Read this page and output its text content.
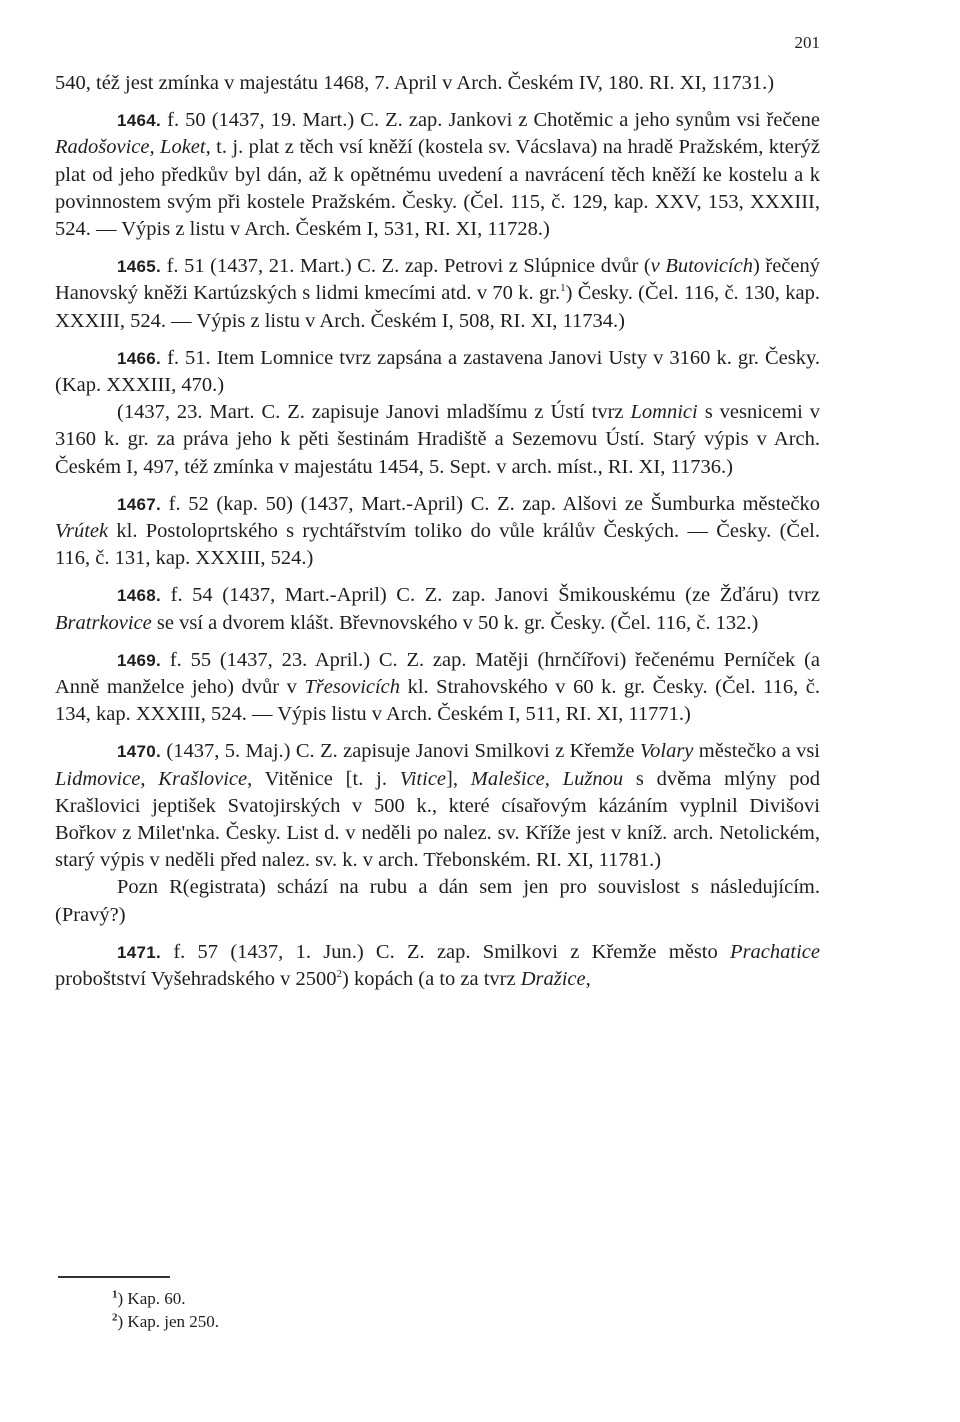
201

540, též jest zmínka v majestátu 1468, 7. April v Arch. Českém IV, 180. RI. XI, 11731.)

1464. f. 50 (1437, 19. Mart.) C. Z. zap. Jankovi z Chotěmic a jeho synům vsi řečene Radošovice, Loket, t. j. plat z těch vsí kněží (kostela sv. Vácslava) na hradě Pražském, kterýž plat od jeho předkův byl dán, až k opětnému uvedení a navrácení těch kněží ke kostelu a k povinnostem svým při kostele Pražském. Česky. (Čel. 115, č. 129, kap. XXV, 153, XXXIII, 524. — Výpis z listu v Arch. Českém I, 531, RI. XI, 11728.)

1465. f. 51 (1437, 21. Mart.) C. Z. zap. Petrovi z Slúpnice dvůr (v Butovicích) řečený Hanovský kněži Kartúzských s lidmi kmecími atd. v 70 k. gr.$^1$) Česky. (Čel. 116, č. 130, kap. XXXIII, 524. — Výpis z listu v Arch. Českém I, 508, RI. XI, 11734.)

1466. f. 51. Item Lomnice tvrz zapsána a zastavena Janovi Usty v 3160 k. gr. Česky. (Kap. XXXIII, 470.)

(1437, 23. Mart. C. Z. zapisuje Janovi mladšímu z Ústí tvrz Lomnici s vesnicemi v 3160 k. gr. za práva jeho k pěti šestinám Hradiště a Sezemovu Ústí. Starý výpis v Arch. Českém I, 497, též zmínka v majestátu 1454, 5. Sept. v arch. míst., RI. XI, 11736.)

1467. f. 52 (kap. 50) (1437, Mart.-April) C. Z. zap. Alšovi ze Šumburka městečko Vrútek kl. Postoloprtského s rychtářstvím toliko do vůle králův Českých. — Česky. (Čel. 116, č. 131, kap. XXXIII, 524.)

1468. f. 54 (1437, Mart.-April) C. Z. zap. Janovi Šmikouskému (ze Žďáru) tvrz Bratrkovice se vsí a dvorem klášt. Břevnovského v 50 k. gr. Česky. (Čel. 116, č. 132.)

1469. f. 55 (1437, 23. April.) C. Z. zap. Matěji (hrnčířovi) řečenému Perníček (a Anně manželce jeho) dvůr v Třesovicích kl. Strahovského v 60 k. gr. Česky. (Čel. 116, č. 134, kap. XXXIII, 524. — Výpis listu v Arch. Českém I, 511, RI. XI, 11771.)

1470. (1437, 5. Maj.) C. Z. zapisuje Janovi Smilkovi z Křemže Volary městečko a vsi Lidmovice, Krašlovice, Vitěnice [t. j. Vitice], Malešice, Lužnou s dvěma mlýny pod Krašlovici jeptišek Svatojirských v 500 k., které císařovým kázáním vyplnil Divišovi Bořkov z Milet'nka. Česky. List d. v neděli po nalez. sv. Kříže jest v kníž. arch. Netolickém, starý výpis v neděli před nalez. sv. k. v arch. Třebonském. RI. XI, 11781.)

Pozn R(egistrata) schází na rubu a dán sem jen pro souvislost s následujícím. (Pravý?)

1471. f. 57 (1437, 1. Jun.) C. Z. zap. Smilkovi z Křemže město Prachatice proboštství Vyšehradského v 2500$^2$) kopách (a to za tvrz Dražice,

$^1$) Kap. 60.
$^2$) Kap. jen 250.
